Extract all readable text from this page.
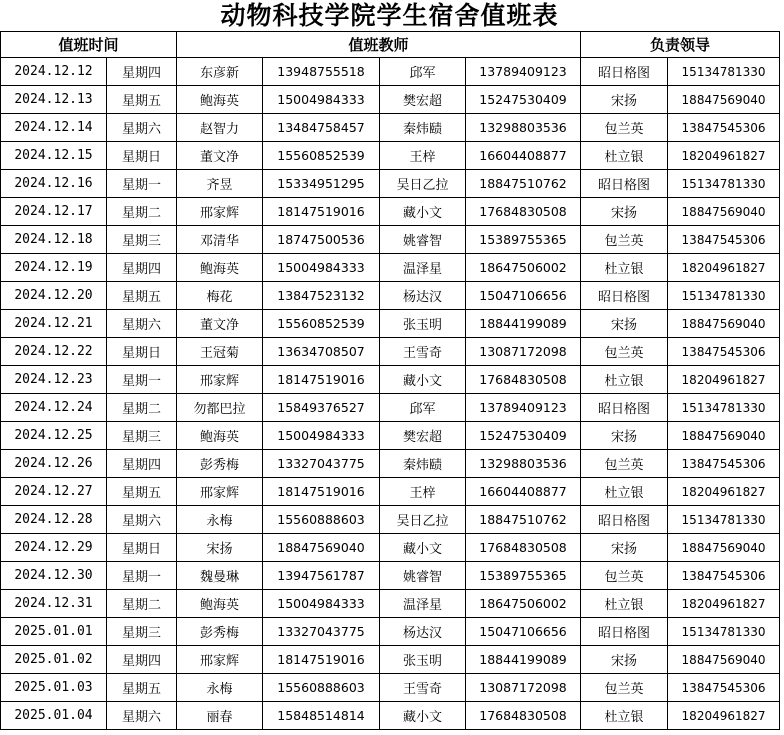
动物科技学院学生宿舍值班表
值班时间		值班教师				负责领导	
2024.12.12	星期四	东彦新	13948755518	邱军	13789409123	昭日格图	15134781330
2024.12.13	星期五	鲍海英	15004984333	樊宏超	15247530409	宋扬	18847569040
2024.12.14	星期六	赵智力	13484758457	秦炜赜	13298803536	包兰英	13847545306
2024.12.15	星期日	董文净	15560852539	王梓	16604408877	杜立银	18204961827
2024.12.16	星期一	齐昱	15334951295	吴日乙拉	18847510762	昭日格图	15134781330
2024.12.17	星期二	邢家辉	18147519016	藏小文	17684830508	宋扬	18847569040
2024.12.18	星期三	邓清华	18747500536	姚睿智	15389755365	包兰英	13847545306
2024.12.19	星期四	鲍海英	15004984333	温泽星	18647506002	杜立银	18204961827
2024.12.20	星期五	梅花	13847523132	杨达汉	15047106656	昭日格图	15134781330
2024.12.21	星期六	董文净	15560852539	张玉明	18844199089	宋扬	18847569040
2024.12.22	星期日	王冠菊	13634708507	王雪奇	13087172098	包兰英	13847545306
2024.12.23	星期一	邢家辉	18147519016	藏小文	17684830508	杜立银	18204961827
2024.12.24	星期二	勿都巴拉	15849376527	邱军	13789409123	昭日格图	15134781330
2024.12.25	星期三	鲍海英	15004984333	樊宏超	15247530409	宋扬	18847569040
2024.12.26	星期四	彭秀梅	13327043775	秦炜赜	13298803536	包兰英	13847545306
2024.12.27	星期五	邢家辉	18147519016	王梓	16604408877	杜立银	18204961827
2024.12.28	星期六	永梅	15560888603	吴日乙拉	18847510762	昭日格图	15134781330
2024.12.29	星期日	宋扬	18847569040	藏小文	17684830508	宋扬	18847569040
2024.12.30	星期一	魏曼琳	13947561787	姚睿智	15389755365	包兰英	13847545306
2024.12.31	星期二	鲍海英	15004984333	温泽星	18647506002	杜立银	18204961827
2025.01.01	星期三	彭秀梅	13327043775	杨达汉	15047106656	昭日格图	15134781330
2025.01.02	星期四	邢家辉	18147519016	张玉明	18844199089	宋扬	18847569040
2025.01.03	星期五	永梅	15560888603	王雪奇	13087172098	包兰英	13847545306
2025.01.04	星期六	丽春	15848514814	藏小文	17684830508	杜立银	18204961827
